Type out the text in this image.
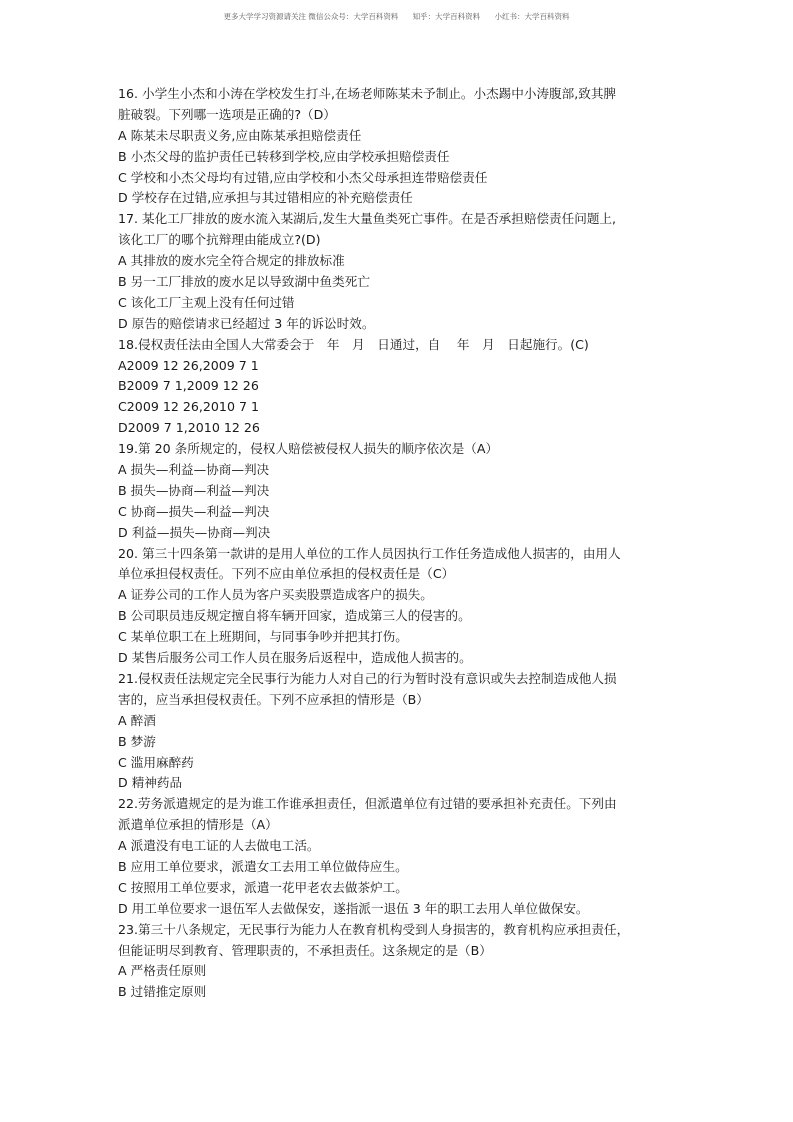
更多大学学习资源请关注 微信公众号：大学百科资料      知乎：大学百科资料      小红书：大学百科资料
16. 小学生小杰和小涛在学校发生打斗,在场老师陈某未予制止。小杰踢中小涛腹部,致其脾
脏破裂。下列哪一选项是正确的?（D）
A 陈某未尽职责义务,应由陈某承担赔偿责任
B 小杰父母的监护责任已转移到学校,应由学校承担赔偿责任
C 学校和小杰父母均有过错,应由学校和小杰父母承担连带赔偿责任
D 学校存在过错,应承担与其过错相应的补充赔偿责任
17. 某化工厂排放的废水流入某湖后,发生大量鱼类死亡事件。在是否承担赔偿责任问题上,
该化工厂的哪个抗辩理由能成立?(D)
A 其排放的废水完全符合规定的排放标准
B 另一工厂排放的废水足以导致湖中鱼类死亡
C 该化工厂主观上没有任何过错
D 原告的赔偿请求已经超过 3 年的诉讼时效。
18.侵权责任法由全国人大常委会于　年　月　日通过，自　 年　月　日起施行。(C)
A2009 12 26,2009 7 1
B2009 7 1,2009 12 26
C2009 12 26,2010 7 1
D2009 7 1,2010 12 26
19.第 20 条所规定的，侵权人赔偿被侵权人损失的顺序依次是（A）
A 损失—利益—协商—判决
B 损失—协商—利益—判决
C 协商—损失—利益—判决
D 利益—损失—协商—判决
20. 第三十四条第一款讲的是用人单位的工作人员因执行工作任务造成他人损害的，由用人
单位承担侵权责任。下列不应由单位承担的侵权责任是（C）
A 证券公司的工作人员为客户买卖股票造成客户的损失。
B 公司职员违反规定擅自将车辆开回家，造成第三人的侵害的。
C 某单位职工在上班期间，与同事争吵并把其打伤。
D 某售后服务公司工作人员在服务后返程中，造成他人损害的。
21.侵权责任法规定完全民事行为能力人对自己的行为暂时没有意识或失去控制造成他人损
害的，应当承担侵权责任。下列不应承担的情形是（B）
A 醉酒
B 梦游
C 滥用麻醉药
D 精神药品
22.劳务派遣规定的是为谁工作谁承担责任，但派遣单位有过错的要承担补充责任。下列由
派遣单位承担的情形是（A）
A 派遣没有电工证的人去做电工活。
B 应用工单位要求，派遣女工去用工单位做侍应生。
C 按照用工单位要求，派遣一花甲老农去做茶炉工。
D 用工单位要求一退伍军人去做保安，遂指派一退伍 3 年的职工去用人单位做保安。
23.第三十八条规定，无民事行为能力人在教育机构受到人身损害的，教育机构应承担责任，
但能证明尽到教育、管理职责的，不承担责任。这条规定的是（B）
A 严格责任原则
B 过错推定原则
